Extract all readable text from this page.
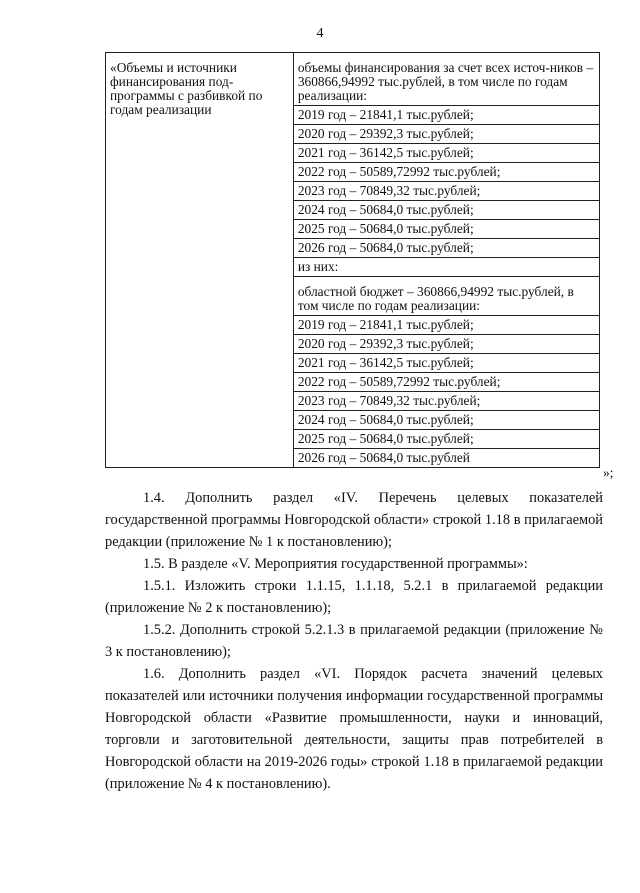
4
«Объемы и источники финансирования под-программы с разбивкой по годам реализации	объемы финансирования за счет всех источ-ников – 360866,94992 тыс.рублей, в том числе по годам реализации:
2019 год – 21841,1 тыс.рублей;
2020 год – 29392,3 тыс.рублей;
2021 год – 36142,5 тыс.рублей;
2022 год – 50589,72992 тыс.рублей;
2023 год – 70849,32 тыс.рублей;
2024 год – 50684,0 тыс.рублей;
2025 год – 50684,0 тыс.рублей;
2026 год – 50684,0 тыс.рублей;
из них:
областной бюджет – 360866,94992 тыс.рублей, в том числе по годам реализации:
2019 год – 21841,1 тыс.рублей;
2020 год – 29392,3 тыс.рублей;
2021 год – 36142,5 тыс.рублей;
2022 год – 50589,72992 тыс.рублей;
2023 год – 70849,32 тыс.рублей;
2024 год – 50684,0 тыс.рублей;
2025 год – 50684,0 тыс.рублей;
2026 год – 50684,0 тыс.рублей
»;

1.4. Дополнить раздел «IV. Перечень целевых показателей государственной программы Новгородской области» строкой 1.18 в прилагаемой редакции (приложение № 1 к постановлению);

1.5. В разделе «V. Мероприятия государственной программы»:

1.5.1. Изложить строки 1.1.15, 1.1.18, 5.2.1 в прилагаемой редакции (приложение № 2 к постановлению);

1.5.2. Дополнить строкой 5.2.1.3 в прилагаемой редакции (приложение № 3 к постановлению);

1.6. Дополнить раздел «VI. Порядок расчета значений целевых показателей или источники получения информации государственной программы Новгородской области «Развитие промышленности, науки и инноваций, торговли и заготовительной деятельности, защиты прав потребителей в Новгородской области на 2019-2026 годы» строкой 1.18 в прилагаемой редакции (приложение № 4 к постановлению).
